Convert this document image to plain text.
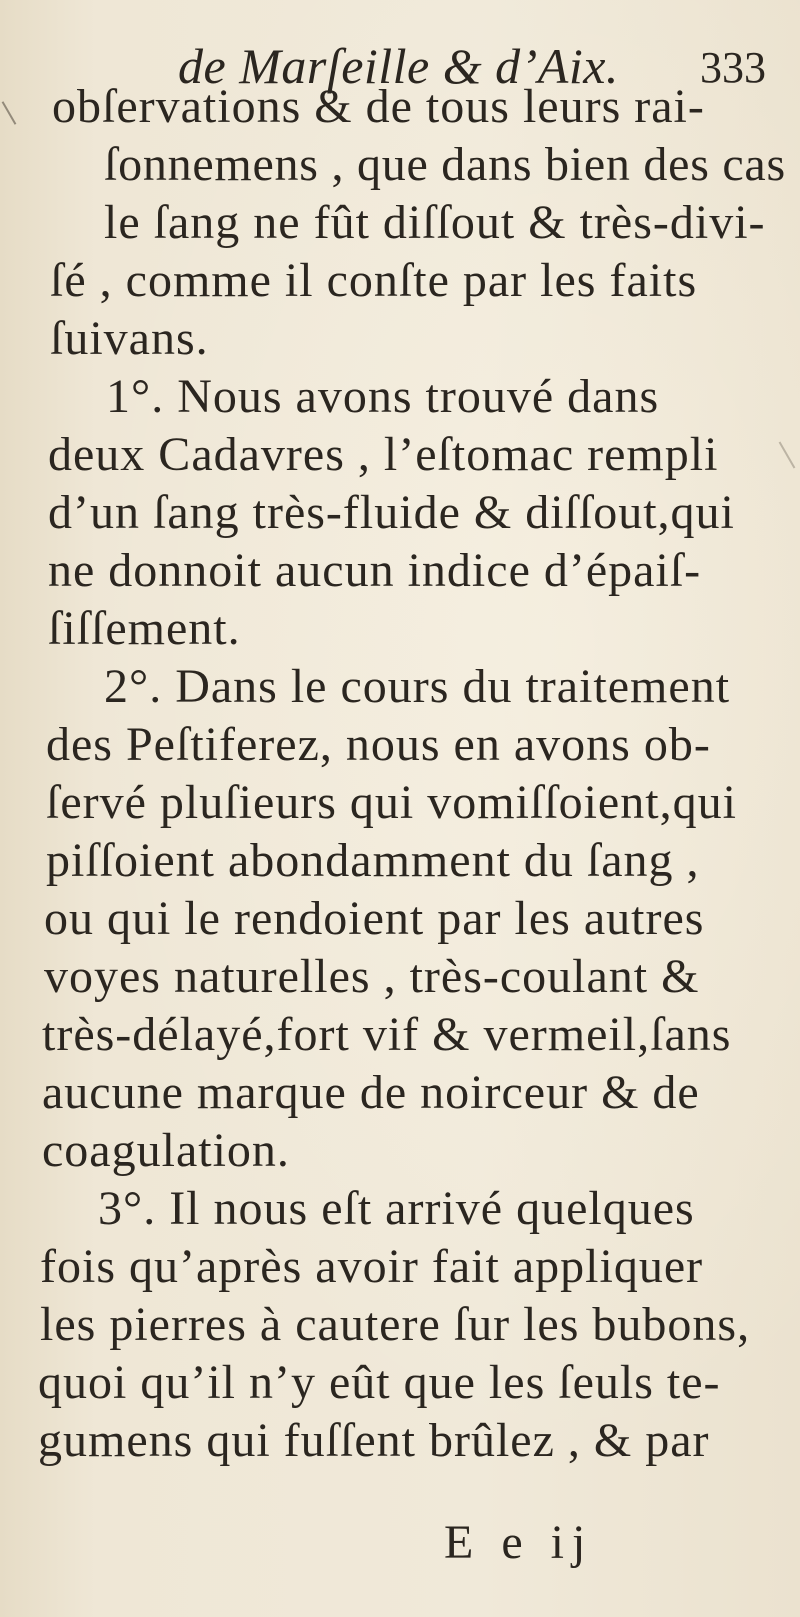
de Marſeille & d’Aix. 333
obſervations & de tous leurs rai-
ſonnemens , que dans bien des cas
le ſang ne fût diſſout & très-divi-
ſé , comme il conſte par les faits
ſuivans.
1°. Nous avons trouvé dans
deux Cadavres , l’eſtomac rempli
d’un ſang très-fluide & diſſout,qui
ne donnoit aucun indice d’épaiſ-
ſiſſement.
2°. Dans le cours du traitement
des Peſtiferez, nous en avons ob-
ſervé pluſieurs qui vomiſſoient,qui
piſſoient abondamment du ſang ,
ou qui le rendoient par les autres
voyes naturelles , très-coulant &
très-délayé,fort vif & vermeil,ſans
aucune marque de noirceur & de
coagulation.
3°. Il nous eſt arrivé quelques
fois qu’après avoir fait appliquer
les pierres à cautere ſur les bubons,
quoi qu’il n’y eût que les ſeuls te-
gumens qui fuſſent brûlez , & par
E e ij
